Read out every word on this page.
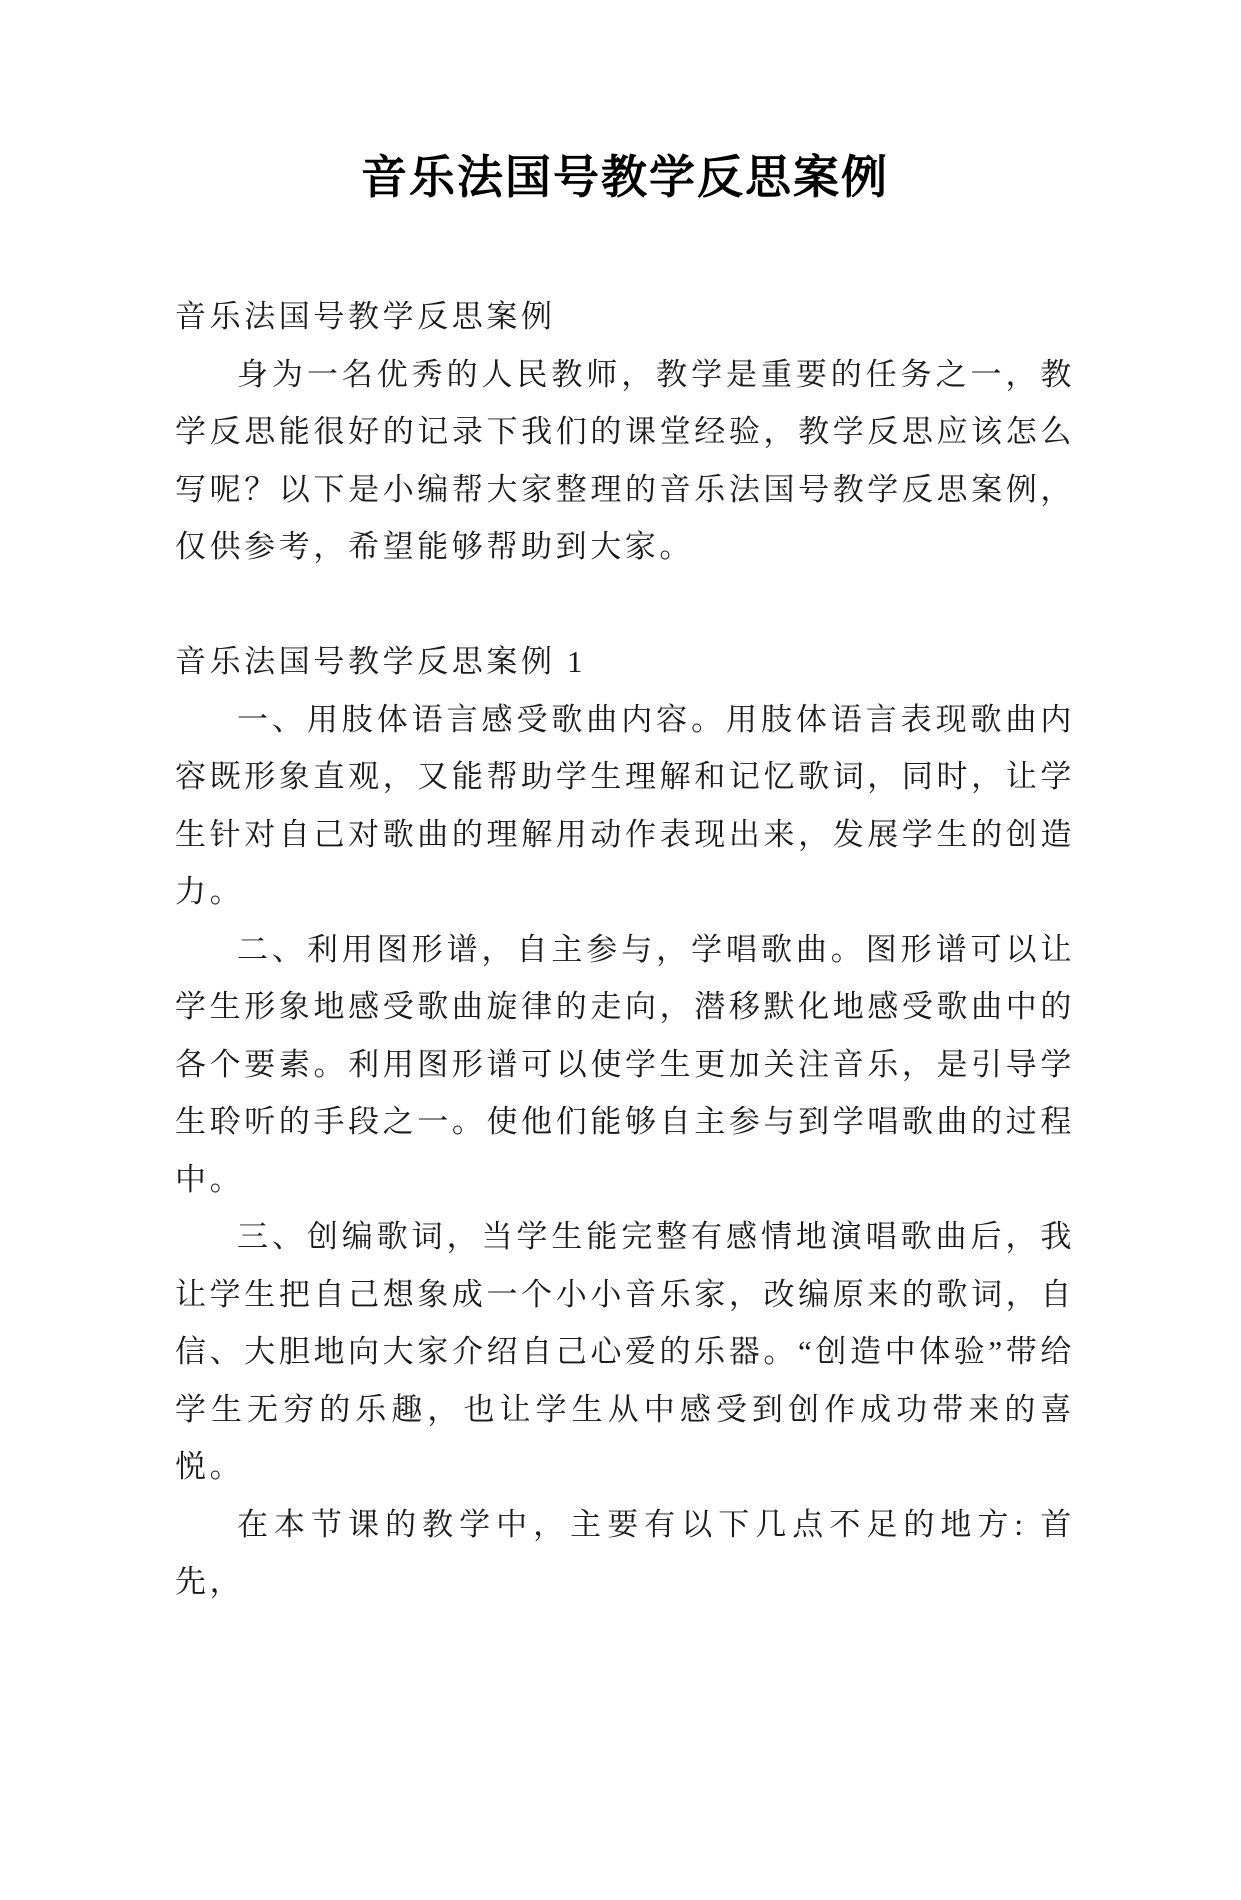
音乐法国号教学反思案例

音乐法国号教学反思案例

身为一名优秀的人民教师，教学是重要的任务之一，教学反思能很好的记录下我们的课堂经验，教学反思应该怎么写呢？以下是小编帮大家整理的音乐法国号教学反思案例，仅供参考，希望能够帮助到大家。

音乐法国号教学反思案例 1

一、用肢体语言感受歌曲内容。用肢体语言表现歌曲内容既形象直观，又能帮助学生理解和记忆歌词，同时，让学生针对自己对歌曲的理解用动作表现出来，发展学生的创造力。

二、利用图形谱，自主参与，学唱歌曲。图形谱可以让学生形象地感受歌曲旋律的走向，潜移默化地感受歌曲中的各个要素。利用图形谱可以使学生更加关注音乐，是引导学生聆听的手段之一。使他们能够自主参与到学唱歌曲的过程中。

三、创编歌词，当学生能完整有感情地演唱歌曲后，我让学生把自己想象成一个小小音乐家，改编原来的歌词，自信、大胆地向大家介绍自己心爱的乐器。“创造中体验”带给学生无穷的乐趣，也让学生从中感受到创作成功带来的喜悦。

在本节课的教学中，主要有以下几点不足的地方: 首先，
